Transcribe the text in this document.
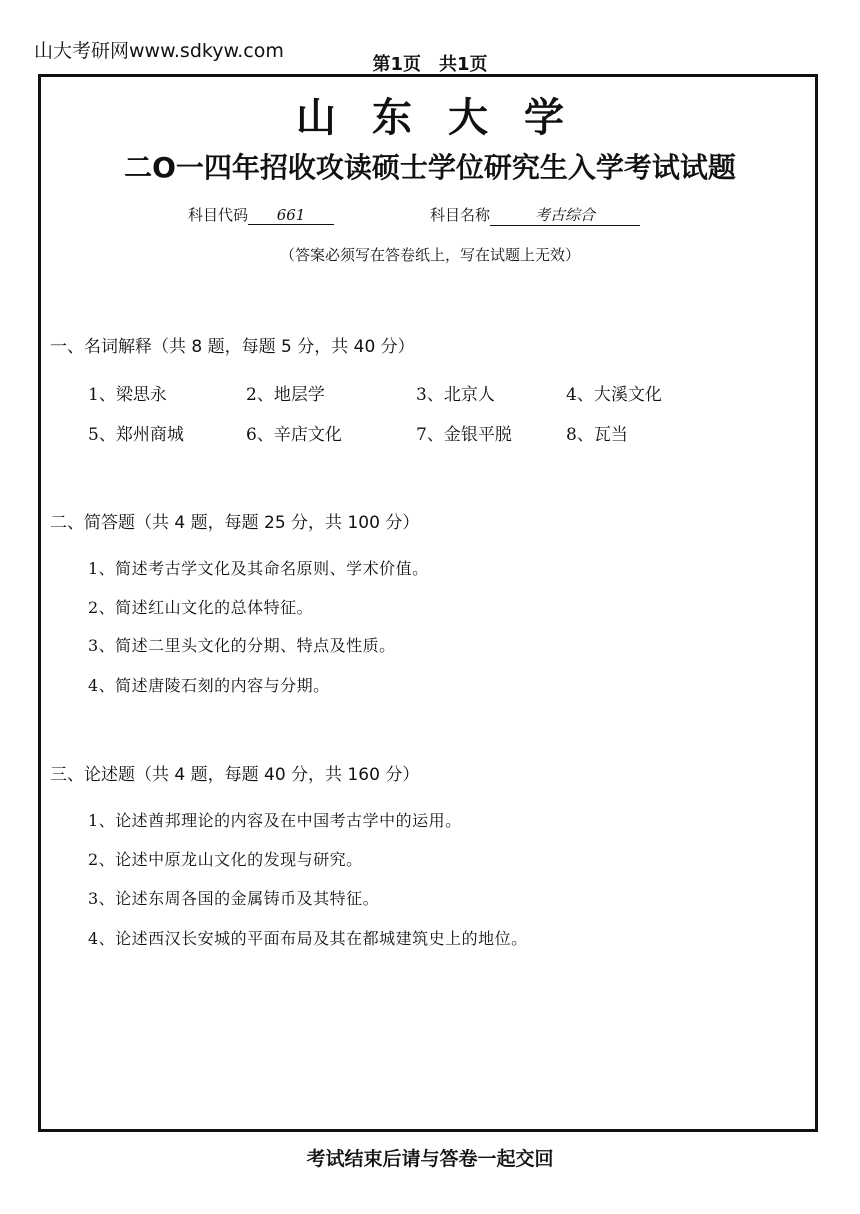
山大考研网www.sdkyw.com
第1页　共1页
山东大学
二O一四年招收攻读硕士学位研究生入学考试试题
科目代码 661	科目名称	考古综合
（答案必须写在答卷纸上，写在试题上无效）
一、名词解释（共 8 题，每题 5 分，共 40 分）
1、梁思永	2、地层学	3、北京人	4、大溪文化
5、郑州商城	6、辛店文化	7、金银平脱	8、瓦当
二、简答题（共 4 题，每题 25 分，共 100 分）
1、简述考古学文化及其命名原则、学术价值。
2、简述红山文化的总体特征。
3、简述二里头文化的分期、特点及性质。
4、简述唐陵石刻的内容与分期。
三、论述题（共 4 题，每题 40 分，共 160 分）
1、论述酋邦理论的内容及在中国考古学中的运用。
2、论述中原龙山文化的发现与研究。
3、论述东周各国的金属铸币及其特征。
4、论述西汉长安城的平面布局及其在都城建筑史上的地位。
考试结束后请与答卷一起交回
